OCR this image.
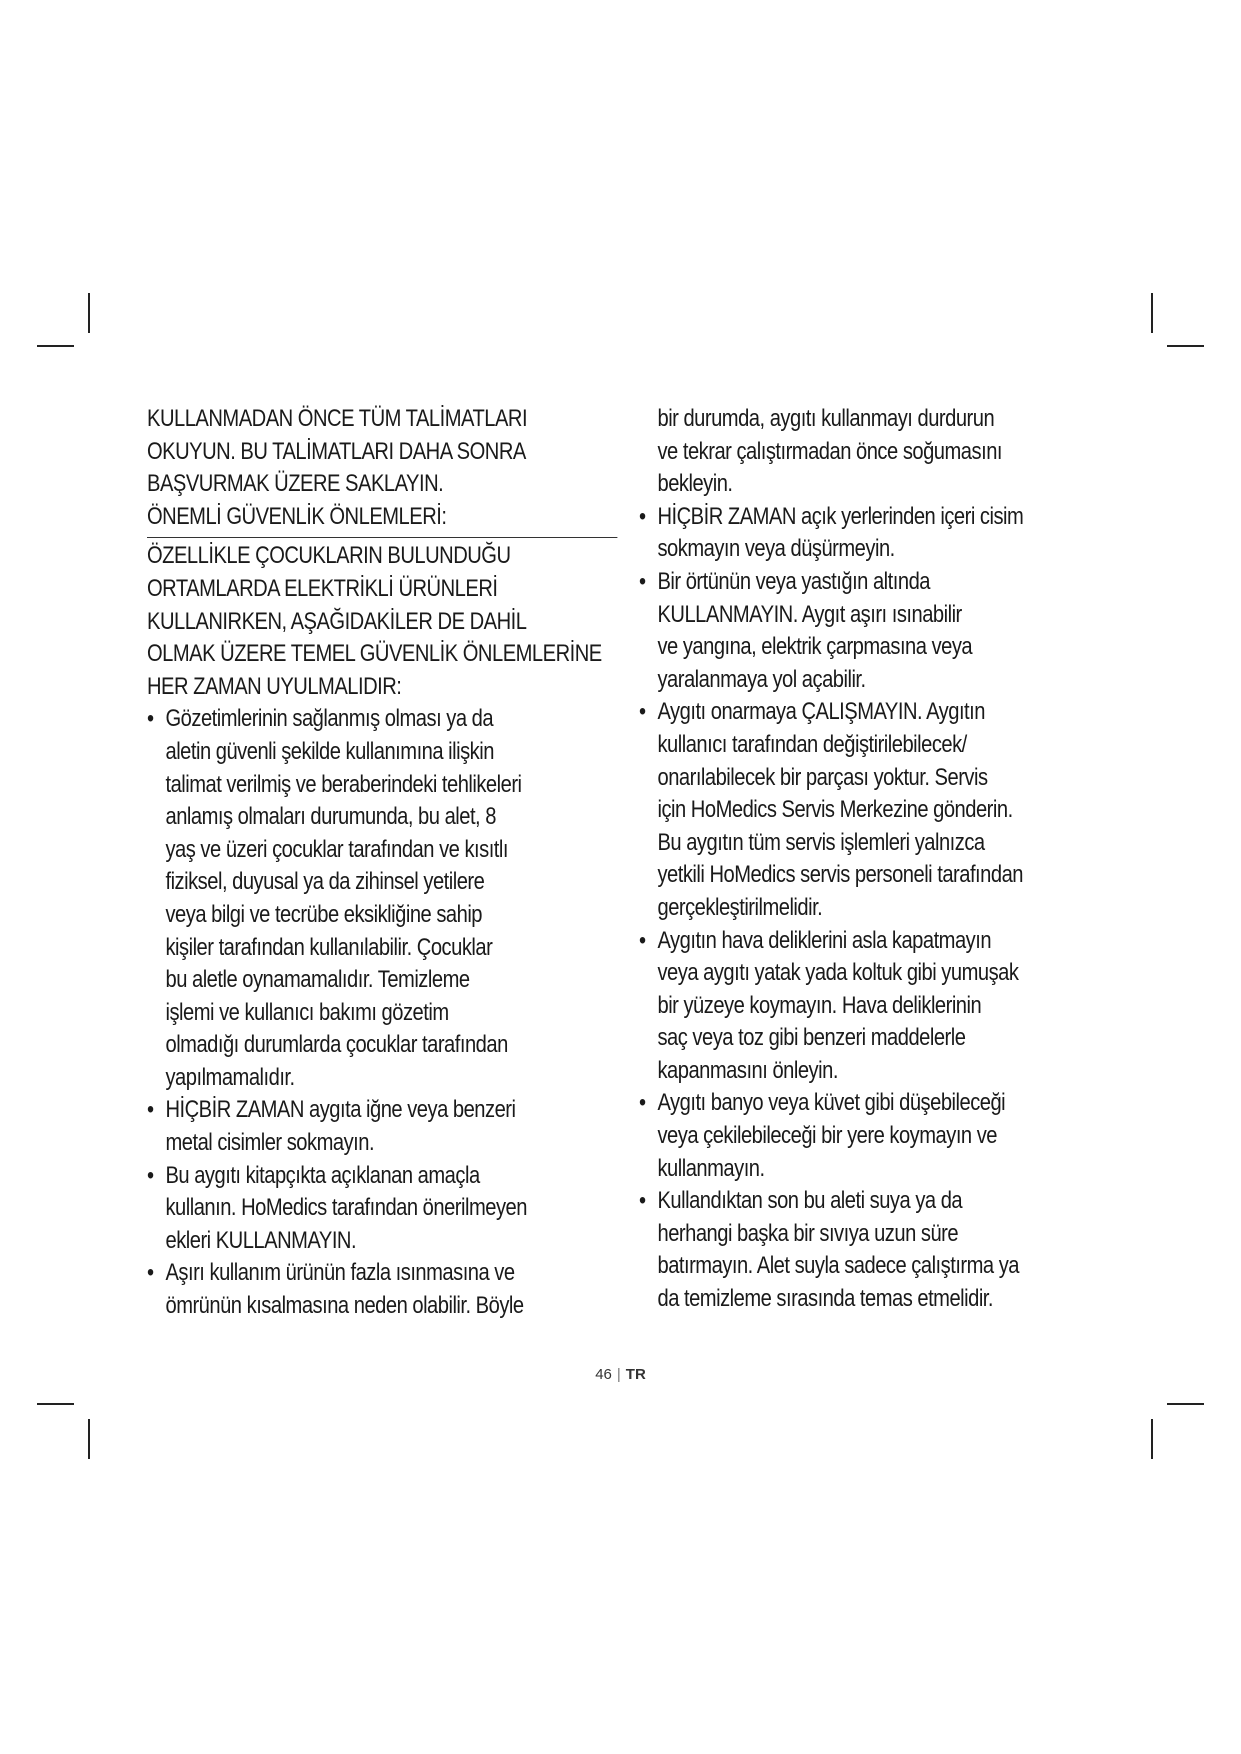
KULLANMADAN ÖNCE TÜM TALİMATLARI
OKUYUN. BU TALİMATLARI DAHA SONRA
BAŞVURMAK ÜZERE SAKLAYIN.
ÖNEMLİ GÜVENLİK ÖNLEMLERİ:
ÖZELLİKLE ÇOCUKLARIN BULUNDUĞU
ORTAMLARDA ELEKTRİKLİ ÜRÜNLERİ
KULLANIRKEN, AŞAĞIDAKİLER DE DAHİL
OLMAK ÜZERE TEMEL GÜVENLİK ÖNLEMLERİNE
HER ZAMAN UYULMALIDIR:
• Gözetimlerinin sağlanmış olması ya da
aletin güvenli şekilde kullanımına ilişkin
talimat verilmiş ve beraberindeki tehlikeleri
anlamış olmaları durumunda, bu alet, 8
yaş ve üzeri çocuklar tarafından ve kısıtlı
fiziksel, duyusal ya da zihinsel yetilere
veya bilgi ve tecrübe eksikliğine sahip
kişiler tarafından kullanılabilir. Çocuklar
bu aletle oynamamalıdır. Temizleme
işlemi ve kullanıcı bakımı gözetim
olmadığı durumlarda çocuklar tarafından
yapılmamalıdır.
• HİÇBİR ZAMAN aygıta iğne veya benzeri
metal cisimler sokmayın.
• Bu aygıtı kitapçıkta açıklanan amaçla
kullanın. HoMedics tarafından önerilmeyen
ekleri KULLANMAYIN.
• Aşırı kullanım ürünün fazla ısınmasına ve
ömrünün kısalmasına neden olabilir. Böyle
bir durumda, aygıtı kullanmayı durdurun
ve tekrar çalıştırmadan önce soğumasını
bekleyin.
• HİÇBİR ZAMAN açık yerlerinden içeri cisim
sokmayın veya düşürmeyin.
• Bir örtünün veya yastığın altında
KULLANMAYIN. Aygıt aşırı ısınabilir
ve yangına, elektrik çarpmasına veya
yaralanmaya yol açabilir.
• Aygıtı onarmaya ÇALIŞMAYIN. Aygıtın
kullanıcı tarafından değiştirilebilecek/
onarılabilecek bir parçası yoktur. Servis
için HoMedics Servis Merkezine gönderin.
Bu aygıtın tüm servis işlemleri yalnızca
yetkili HoMedics servis personeli tarafından
gerçekleştirilmelidir.
• Aygıtın hava deliklerini asla kapatmayın
veya aygıtı yatak yada koltuk gibi yumuşak
bir yüzeye koymayın. Hava deliklerinin
saç veya toz gibi benzeri maddelerle
kapanmasını önleyin.
• Aygıtı banyo veya küvet gibi düşebileceği
veya çekilebileceği bir yere koymayın ve
kullanmayın.
• Kullandıktan son bu aleti suya ya da
herhangi başka bir sıvıya uzun süre
batırmayın. Alet suyla sadece çalıştırma ya
da temizleme sırasında temas etmelidir.
46 | TR
